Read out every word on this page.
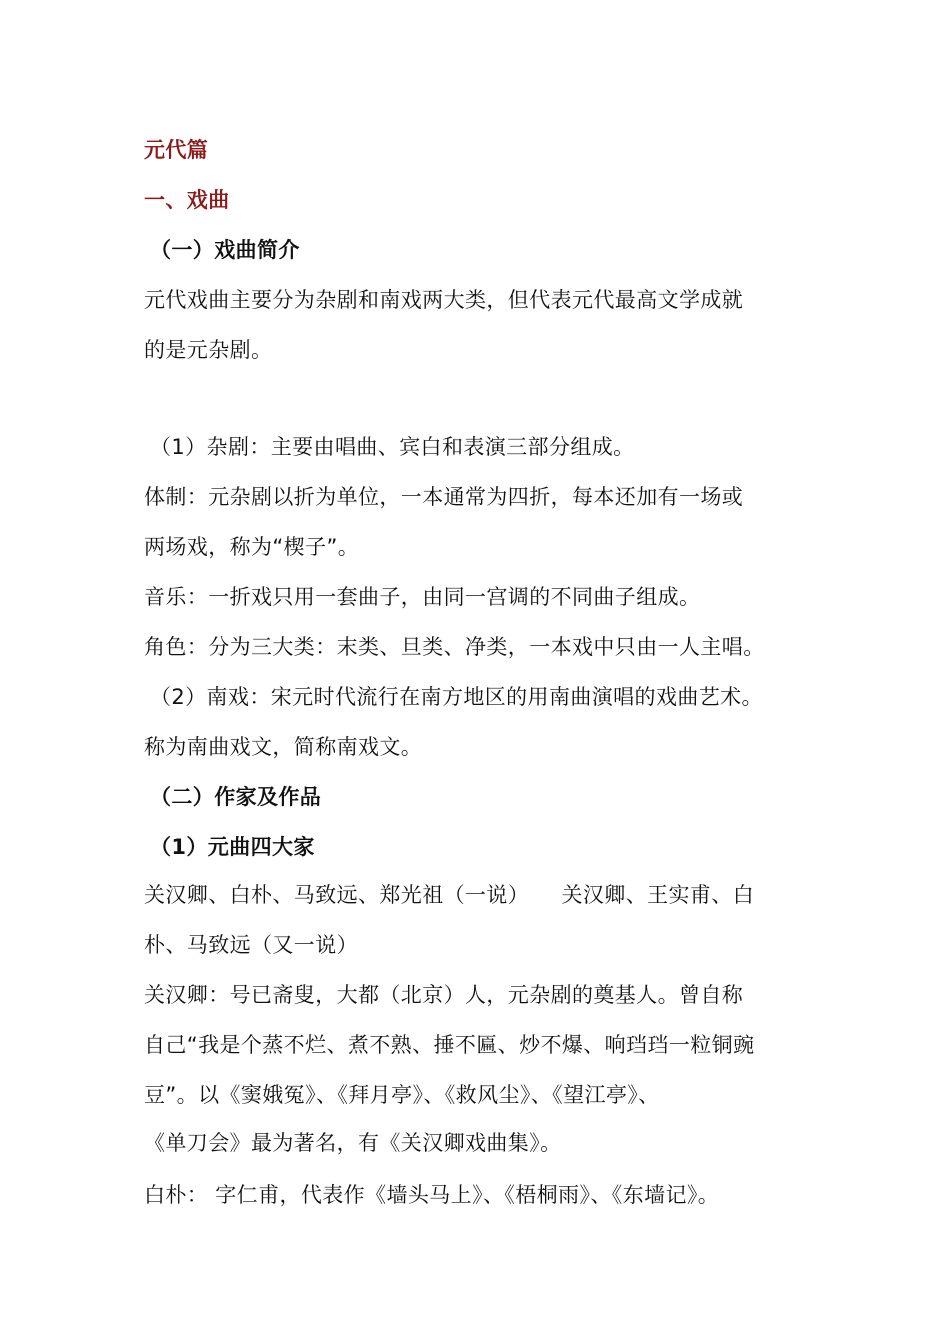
元代篇
一、戏曲
（一）戏曲简介
元代戏曲主要分为杂剧和南戏两大类，但代表元代最高文学成就
的是元杂剧。
（1）杂剧：主要由唱曲、宾白和表演三部分组成。
体制：元杂剧以折为单位，一本通常为四折，每本还加有一场或
两场戏，称为“楔子”。
音乐：一折戏只用一套曲子，由同一宫调的不同曲子组成。
角色：分为三大类：末类、旦类、净类，一本戏中只由一人主唱。
（2）南戏：宋元时代流行在南方地区的用南曲演唱的戏曲艺术。
称为南曲戏文，简称南戏文。
（二）作家及作品
（1）元曲四大家
关汉卿、白朴、马致远、郑光祖（一说）　　关汉卿、王实甫、白
朴、马致远（又一说）
关汉卿：号已斋叟，大都（北京）人，元杂剧的奠基人。曾自称
自己“我是个蒸不烂、煮不熟、捶不匾、炒不爆、响珰珰一粒铜豌
豆”。以《窦娥冤》、《拜月亭》、《救风尘》、《望江亭》、
《单刀会》最为著名，有《关汉卿戏曲集》。
白朴： 字仁甫，代表作《墙头马上》、《梧桐雨》、《东墙记》。
